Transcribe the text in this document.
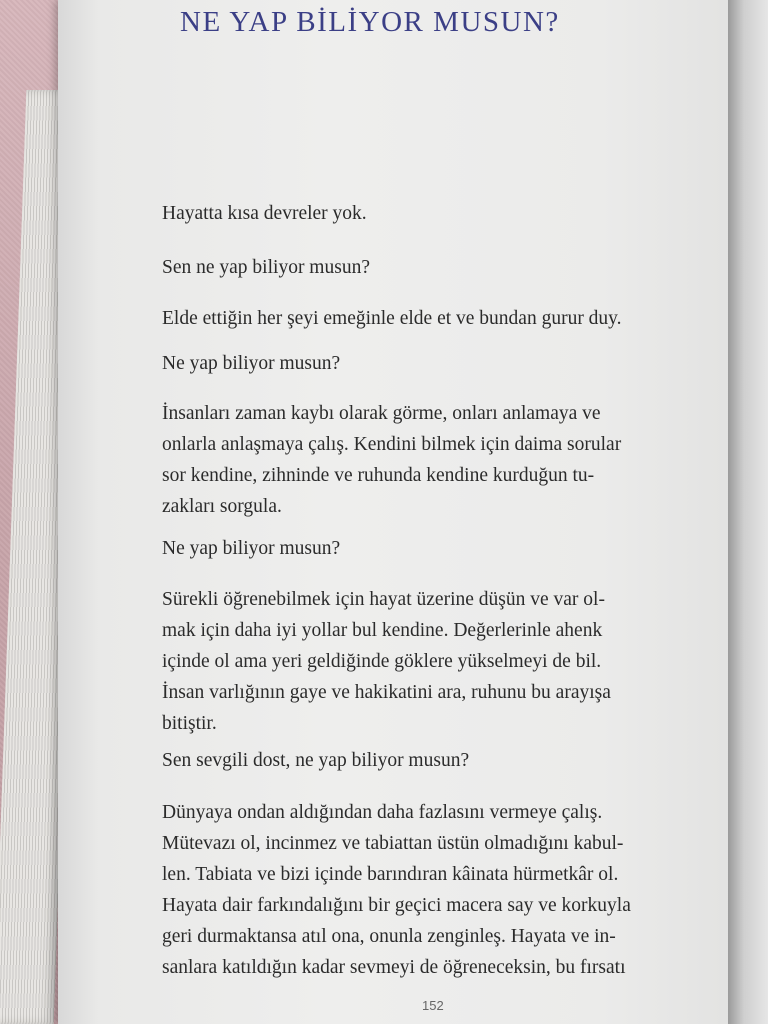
NE YAP BİLİYOR MUSUN?
Hayatta kısa devreler yok.
Sen ne yap biliyor musun?
Elde ettiğin her şeyi emeğinle elde et ve bundan gurur duy.
Ne yap biliyor musun?
İnsanları zaman kaybı olarak görme, onları anlamaya ve
onlarla anlaşmaya çalış. Kendini bilmek için daima sorular
sor kendine, zihninde ve ruhunda kendine kurduğun tu-
zakları sorgula.
Ne yap biliyor musun?
Sürekli öğrenebilmek için hayat üzerine düşün ve var ol-
mak için daha iyi yollar bul kendine. Değerlerinle ahenk
içinde ol ama yeri geldiğinde göklere yükselmeyi de bil.
İnsan varlığının gaye ve hakikatini ara, ruhunu bu arayışa
bitiştir.
Sen sevgili dost, ne yap biliyor musun?
Dünyaya ondan aldığından daha fazlasını vermeye çalış.
Mütevazı ol, incinmez ve tabiattan üstün olmadığını kabul-
len. Tabiata ve bizi içinde barındıran kâinata hürmetkâr ol.
Hayata dair farkındalığını bir geçici macera say ve korkuyla
geri durmaktansa atıl ona, onunla zenginleş. Hayata ve in-
sanlara katıldığın kadar sevmeyi de öğreneceksin, bu fırsatı
152
